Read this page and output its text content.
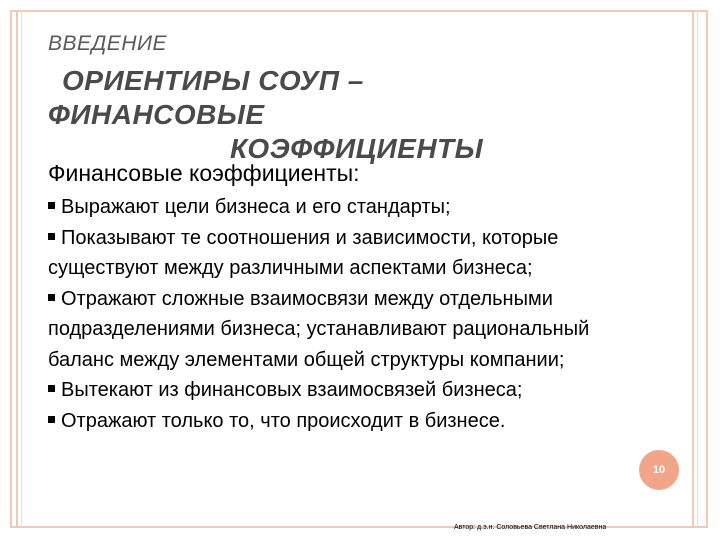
ВВЕДЕНИЕ
ОРИЕНТИРЫ СОУП –
ФИНАНСОВЫЕ
КОЭФФИЦИЕНТЫ

Финансовые коэффициенты:

Выражают цели бизнеса и его стандарты;

Показывают те соотношения и зависимости, которые существуют между различными аспектами бизнеса;

Отражают сложные взаимосвязи между отдельными подразделениями бизнеса; устанавливают рациональный баланс между элементами общей структуры компании;

Вытекают из финансовых взаимосвязей бизнеса;

Отражают только то, что происходит в бизнесе.

10
Автор: д.э.н. Соловьева Светлана Николаевна
